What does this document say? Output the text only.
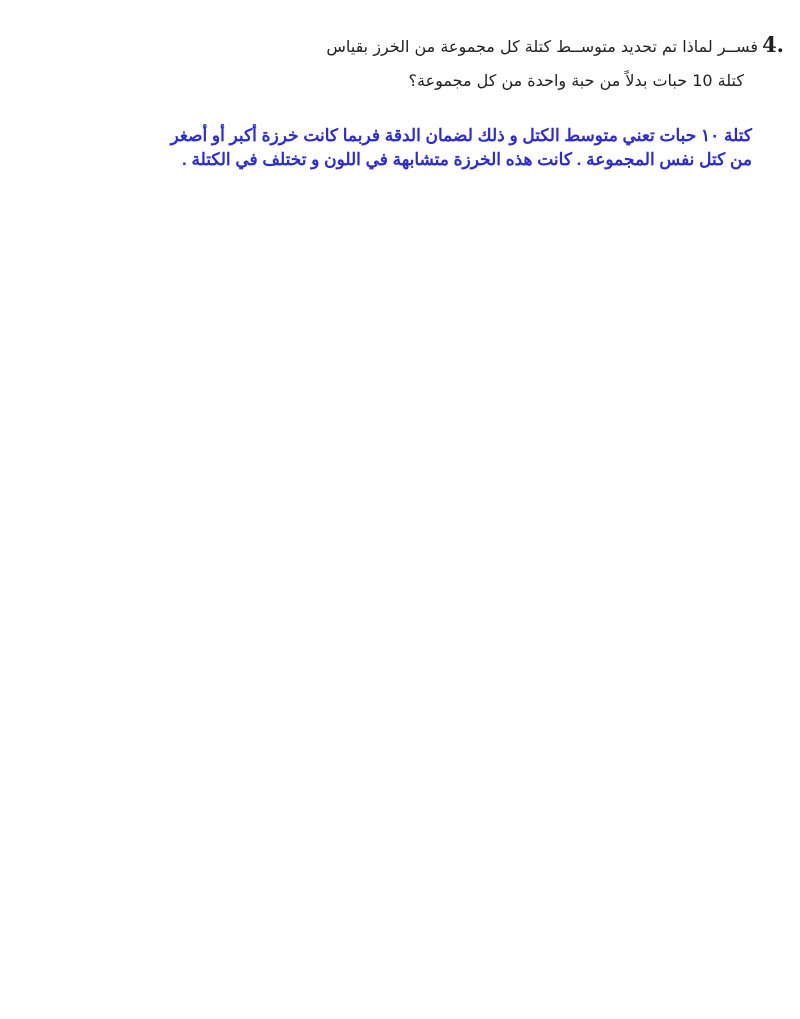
4.
فســر لماذا تم تحديد متوســط كتلة كل مجموعة من الخرز بقياس
كتلة 10 حبات بدلاً من حبة واحدة من كل مجموعة؟
كتلة ١٠ حبات تعني متوسط الكتل و ذلك لضمان الدقة فربما كانت خرزة أكبر أو أصغر
من كتل نفس المجموعة . كانت هذه الخرزة متشابهة في اللون و تختلف في الكتلة .
